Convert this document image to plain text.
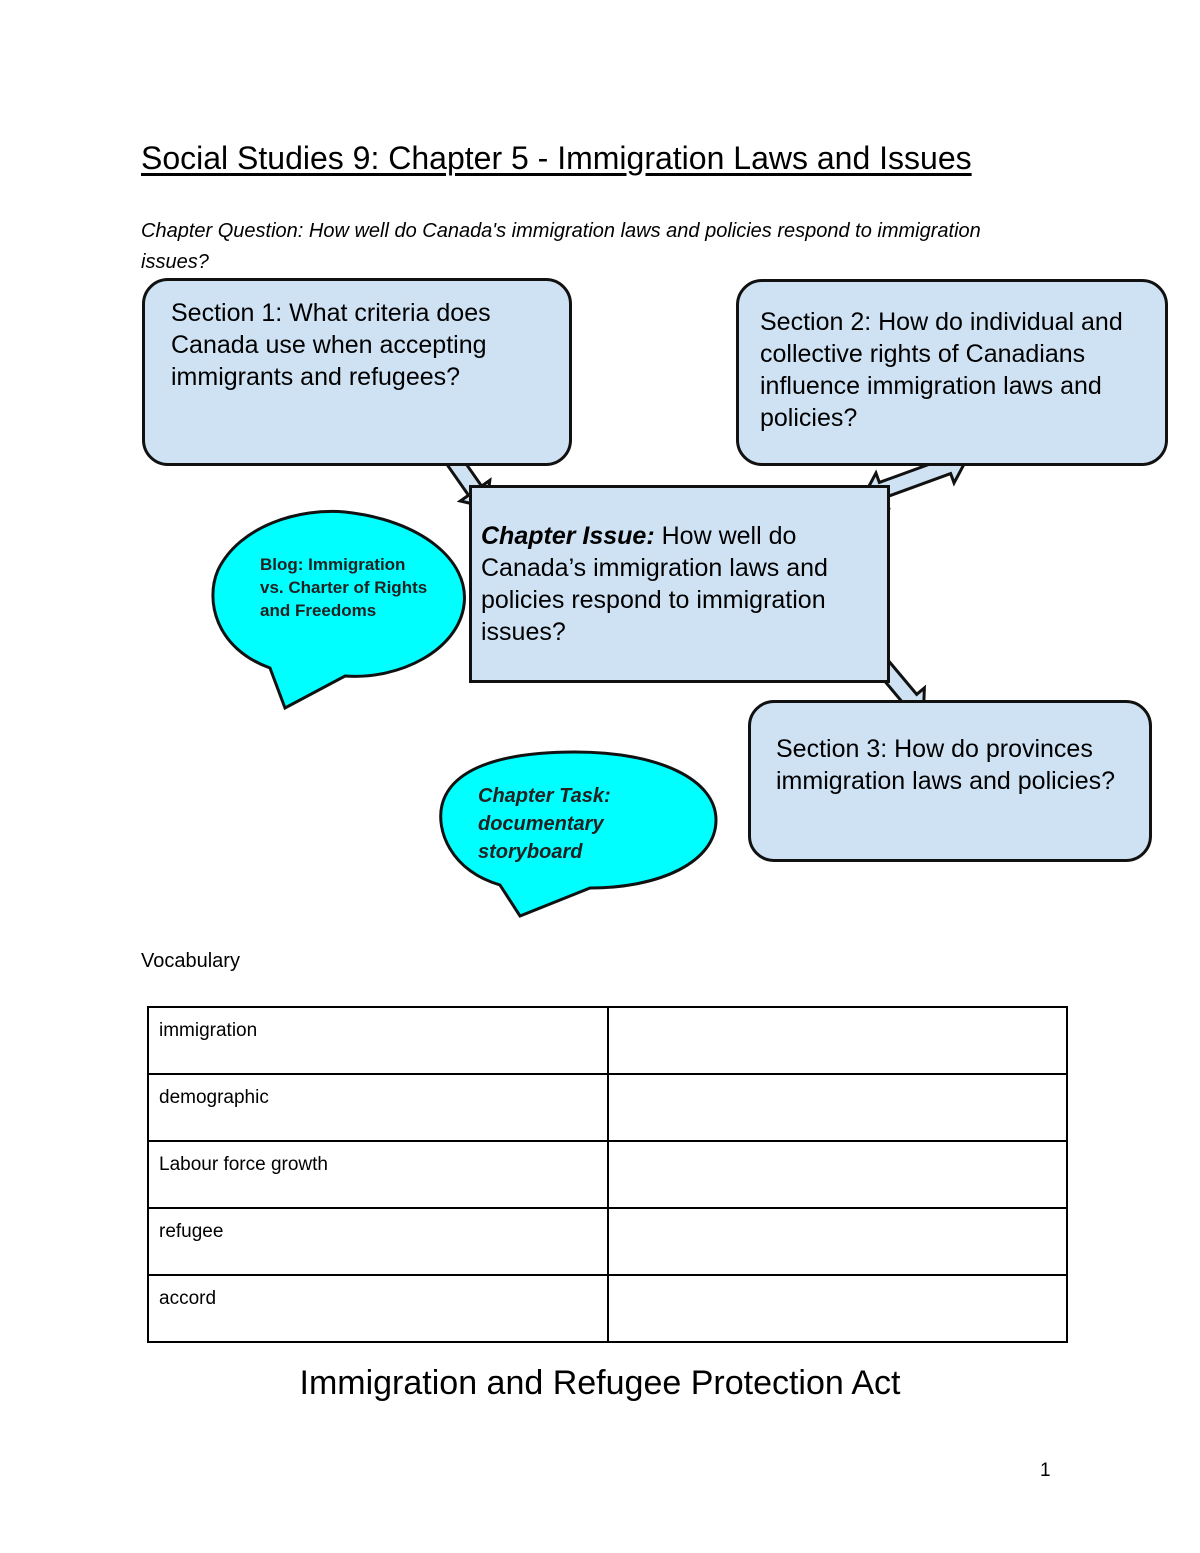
Social Studies 9: Chapter 5 - Immigration Laws and Issues
Chapter Question: How well do Canada's immigration laws and policies respond to immigration issues?
Section 1: What criteria does Canada use when accepting immigrants and refugees?
Section 2: How do individual and collective rights of Canadians influence immigration laws and policies?
Chapter Issue: How well do Canada’s immigration laws and policies respond to immigration issues?
Section 3: How do provinces immigration laws and policies?
Blog: Immigration vs. Charter of Rights and Freedoms
Chapter Task: documentary storyboard
Vocabulary
immigration	
demographic	
Labour force growth	
refugee	
accord	
Immigration and Refugee Protection Act
1
